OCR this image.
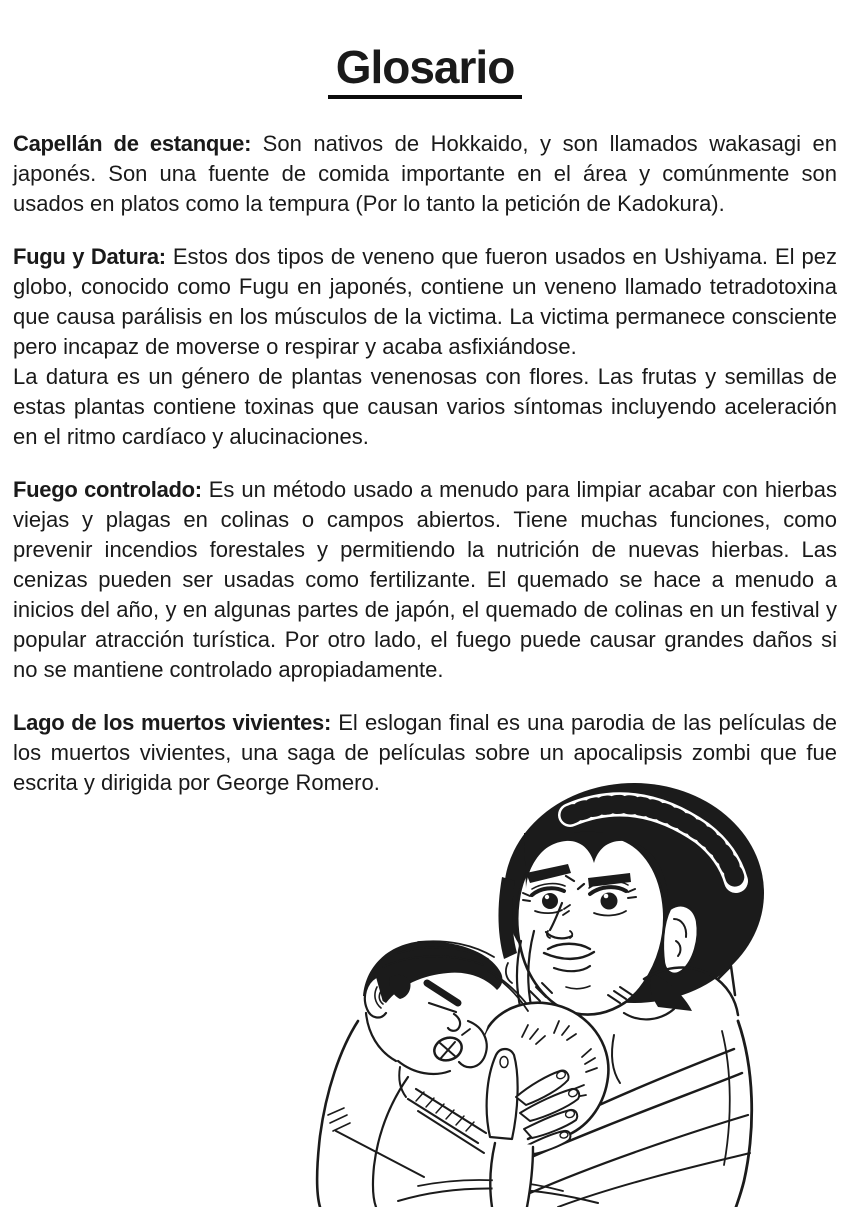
Glosario

Capellán de estanque: Son nativos de Hokkaido, y son llamados wakasagi en japonés. Son una fuente de comida importante en el área y comúnmente son usados en platos como la tempura (Por lo tanto la petición de Kadokura).

Fugu y Datura: Estos dos tipos de veneno que fueron usados en Ushiyama. El pez globo, conocido como Fugu en japonés, contiene un veneno llamado tetradotoxina que causa parálisis en los músculos de la victima. La victima permanece consciente pero incapaz de moverse o respirar y acaba asfixiándose.
La datura es un género de plantas venenosas con flores. Las frutas y semillas de estas plantas contiene toxinas que causan varios síntomas incluyendo aceleración en el ritmo cardíaco y alucinaciones.

Fuego controlado: Es un método usado a menudo para limpiar acabar con hierbas viejas y plagas en colinas o campos abiertos. Tiene muchas funciones, como prevenir incendios forestales y permitiendo la nutrición de nuevas hierbas. Las cenizas pueden ser usadas como fertilizante. El quemado se hace a menudo a inicios del año, y en algunas partes de japón, el quemado de colinas en un festival y popular atracción turística. Por otro lado, el fuego puede causar grandes daños si no se mantiene controlado apropiadamente.

Lago de los muertos vivientes: El eslogan final es una parodia de las películas de los muertos vivientes, una saga de películas sobre un apocalipsis zombi que fue escrita y dirigida por George Romero.
